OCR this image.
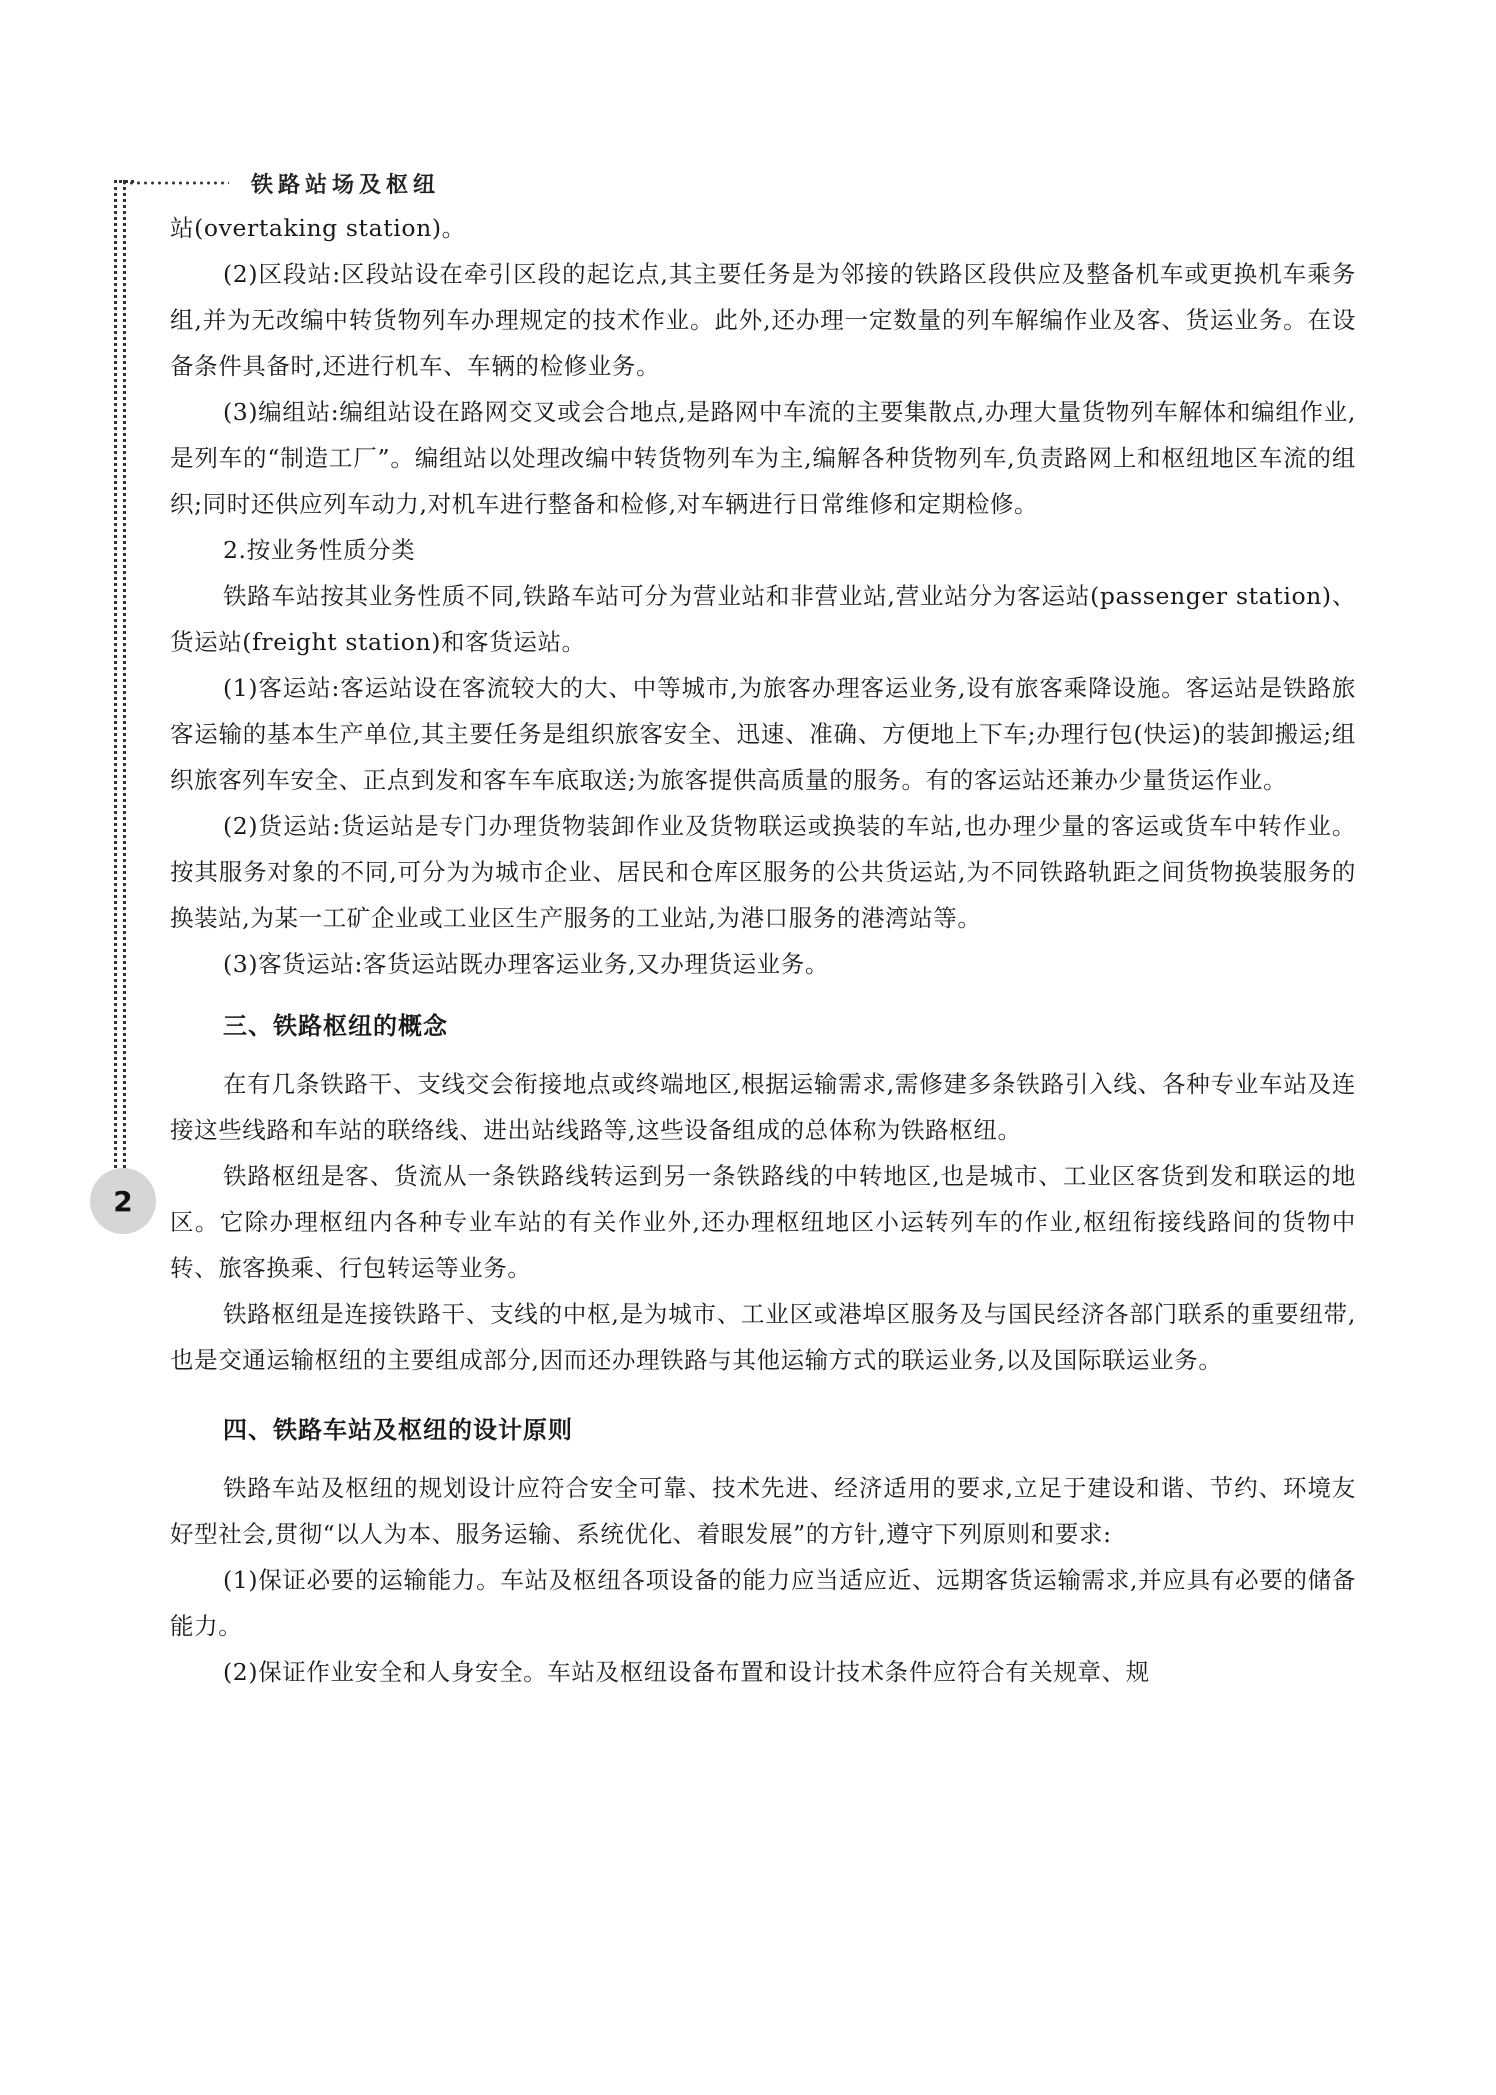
铁路站场及枢纽
2

站(overtaking station)。

(2)区段站:区段站设在牵引区段的起讫点,其主要任务是为邻接的铁路区段供应及整备机车或更换机车乘务组,并为无改编中转货物列车办理规定的技术作业。此外,还办理一定数量的列车解编作业及客、货运业务。在设备条件具备时,还进行机车、车辆的检修业务。

(3)编组站:编组站设在路网交叉或会合地点,是路网中车流的主要集散点,办理大量货物列车解体和编组作业,是列车的“制造工厂”。编组站以处理改编中转货物列车为主,编解各种货物列车,负责路网上和枢纽地区车流的组织;同时还供应列车动力,对机车进行整备和检修,对车辆进行日常维修和定期检修。

2.按业务性质分类

铁路车站按其业务性质不同,铁路车站可分为营业站和非营业站,营业站分为客运站(passenger station)、货运站(freight station)和客货运站。

(1)客运站:客运站设在客流较大的大、中等城市,为旅客办理客运业务,设有旅客乘降设施。客运站是铁路旅客运输的基本生产单位,其主要任务是组织旅客安全、迅速、准确、方便地上下车;办理行包(快运)的装卸搬运;组织旅客列车安全、正点到发和客车车底取送;为旅客提供高质量的服务。有的客运站还兼办少量货运作业。

(2)货运站:货运站是专门办理货物装卸作业及货物联运或换装的车站,也办理少量的客运或货车中转作业。按其服务对象的不同,可分为为城市企业、居民和仓库区服务的公共货运站,为不同铁路轨距之间货物换装服务的换装站,为某一工矿企业或工业区生产服务的工业站,为港口服务的港湾站等。

(3)客货运站:客货运站既办理客运业务,又办理货运业务。

三、铁路枢纽的概念

在有几条铁路干、支线交会衔接地点或终端地区,根据运输需求,需修建多条铁路引入线、各种专业车站及连接这些线路和车站的联络线、进出站线路等,这些设备组成的总体称为铁路枢纽。

铁路枢纽是客、货流从一条铁路线转运到另一条铁路线的中转地区,也是城市、工业区客货到发和联运的地区。它除办理枢纽内各种专业车站的有关作业外,还办理枢纽地区小运转列车的作业,枢纽衔接线路间的货物中转、旅客换乘、行包转运等业务。

铁路枢纽是连接铁路干、支线的中枢,是为城市、工业区或港埠区服务及与国民经济各部门联系的重要纽带,也是交通运输枢纽的主要组成部分,因而还办理铁路与其他运输方式的联运业务,以及国际联运业务。

四、铁路车站及枢纽的设计原则

铁路车站及枢纽的规划设计应符合安全可靠、技术先进、经济适用的要求,立足于建设和谐、节约、环境友好型社会,贯彻“以人为本、服务运输、系统优化、着眼发展”的方针,遵守下列原则和要求:

(1)保证必要的运输能力。车站及枢纽各项设备的能力应当适应近、远期客货运输需求,并应具有必要的储备能力。

(2)保证作业安全和人身安全。车站及枢纽设备布置和设计技术条件应符合有关规章、规
